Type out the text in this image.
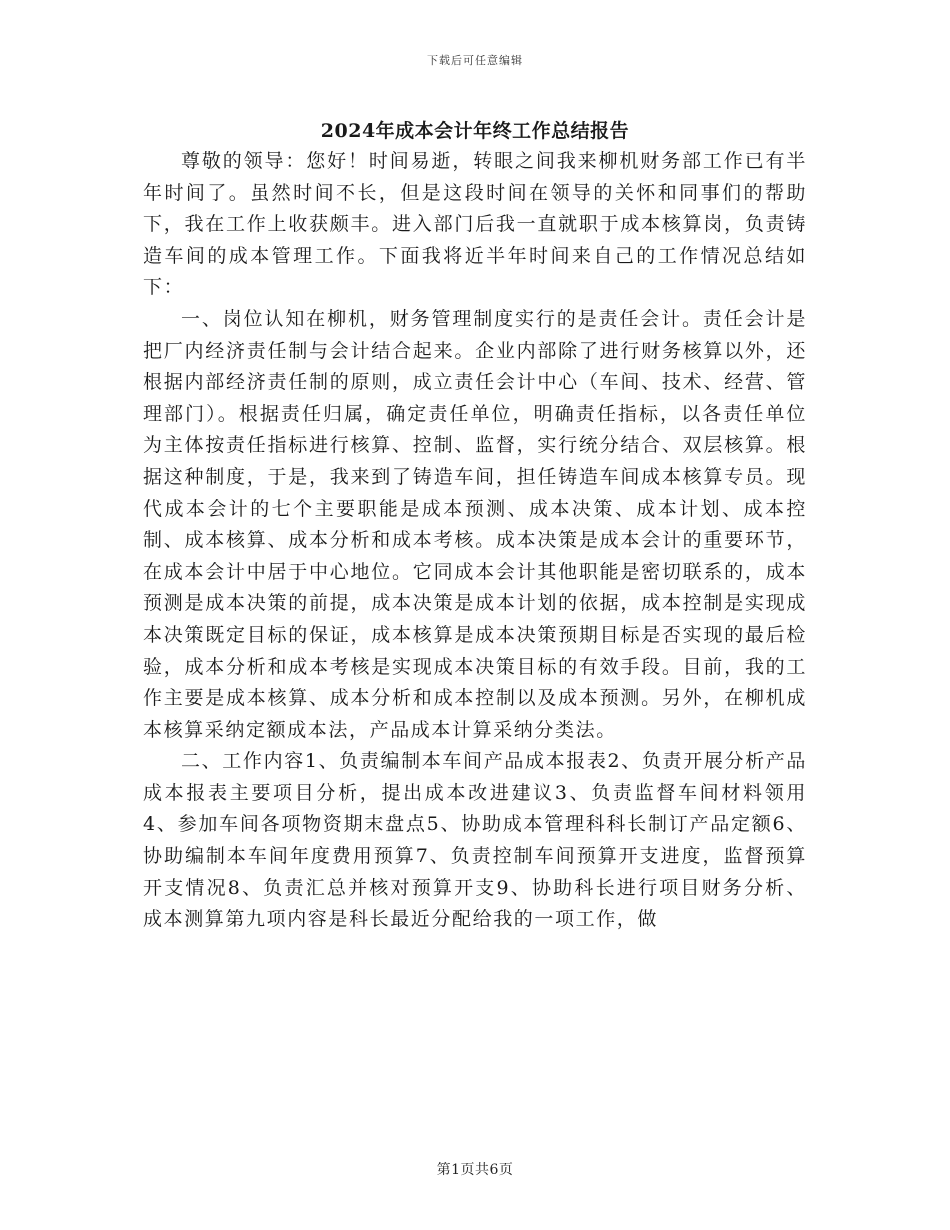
下载后可任意编辑
2024年成本会计年终工作总结报告

尊敬的领导：您好！时间易逝，转眼之间我来柳机财务部工作已有半年时间了。虽然时间不长，但是这段时间在领导的关怀和同事们的帮助下，我在工作上收获颇丰。进入部门后我一直就职于成本核算岗，负责铸造车间的成本管理工作。下面我将近半年时间来自己的工作情况总结如下：

一、岗位认知在柳机，财务管理制度实行的是责任会计。责任会计是把厂内经济责任制与会计结合起来。企业内部除了进行财务核算以外，还根据内部经济责任制的原则，成立责任会计中心（车间、技术、经营、管理部门）。根据责任归属，确定责任单位，明确责任指标，以各责任单位为主体按责任指标进行核算、控制、监督，实行统分结合、双层核算。根据这种制度，于是，我来到了铸造车间，担任铸造车间成本核算专员。现代成本会计的七个主要职能是成本预测、成本决策、成本计划、成本控制、成本核算、成本分析和成本考核。成本决策是成本会计的重要环节，在成本会计中居于中心地位。它同成本会计其他职能是密切联系的，成本预测是成本决策的前提，成本决策是成本计划的依据，成本控制是实现成本决策既定目标的保证，成本核算是成本决策预期目标是否实现的最后检验，成本分析和成本考核是实现成本决策目标的有效手段。目前，我的工作主要是成本核算、成本分析和成本控制以及成本预测。另外，在柳机成本核算采纳定额成本法，产品成本计算采纳分类法。

二、工作内容1、负责编制本车间产品成本报表2、负责开展分析产品成本报表主要项目分析，提出成本改进建议3、负责监督车间材料领用4、参加车间各项物资期末盘点5、协助成本管理科科长制订产品定额6、协助编制本车间年度费用预算7、负责控制车间预算开支进度，监督预算开支情况8、负责汇总并核对预算开支9、协助科长进行项目财务分析、成本测算第九项内容是科长最近分配给我的一项工作，做

第1页共6页
